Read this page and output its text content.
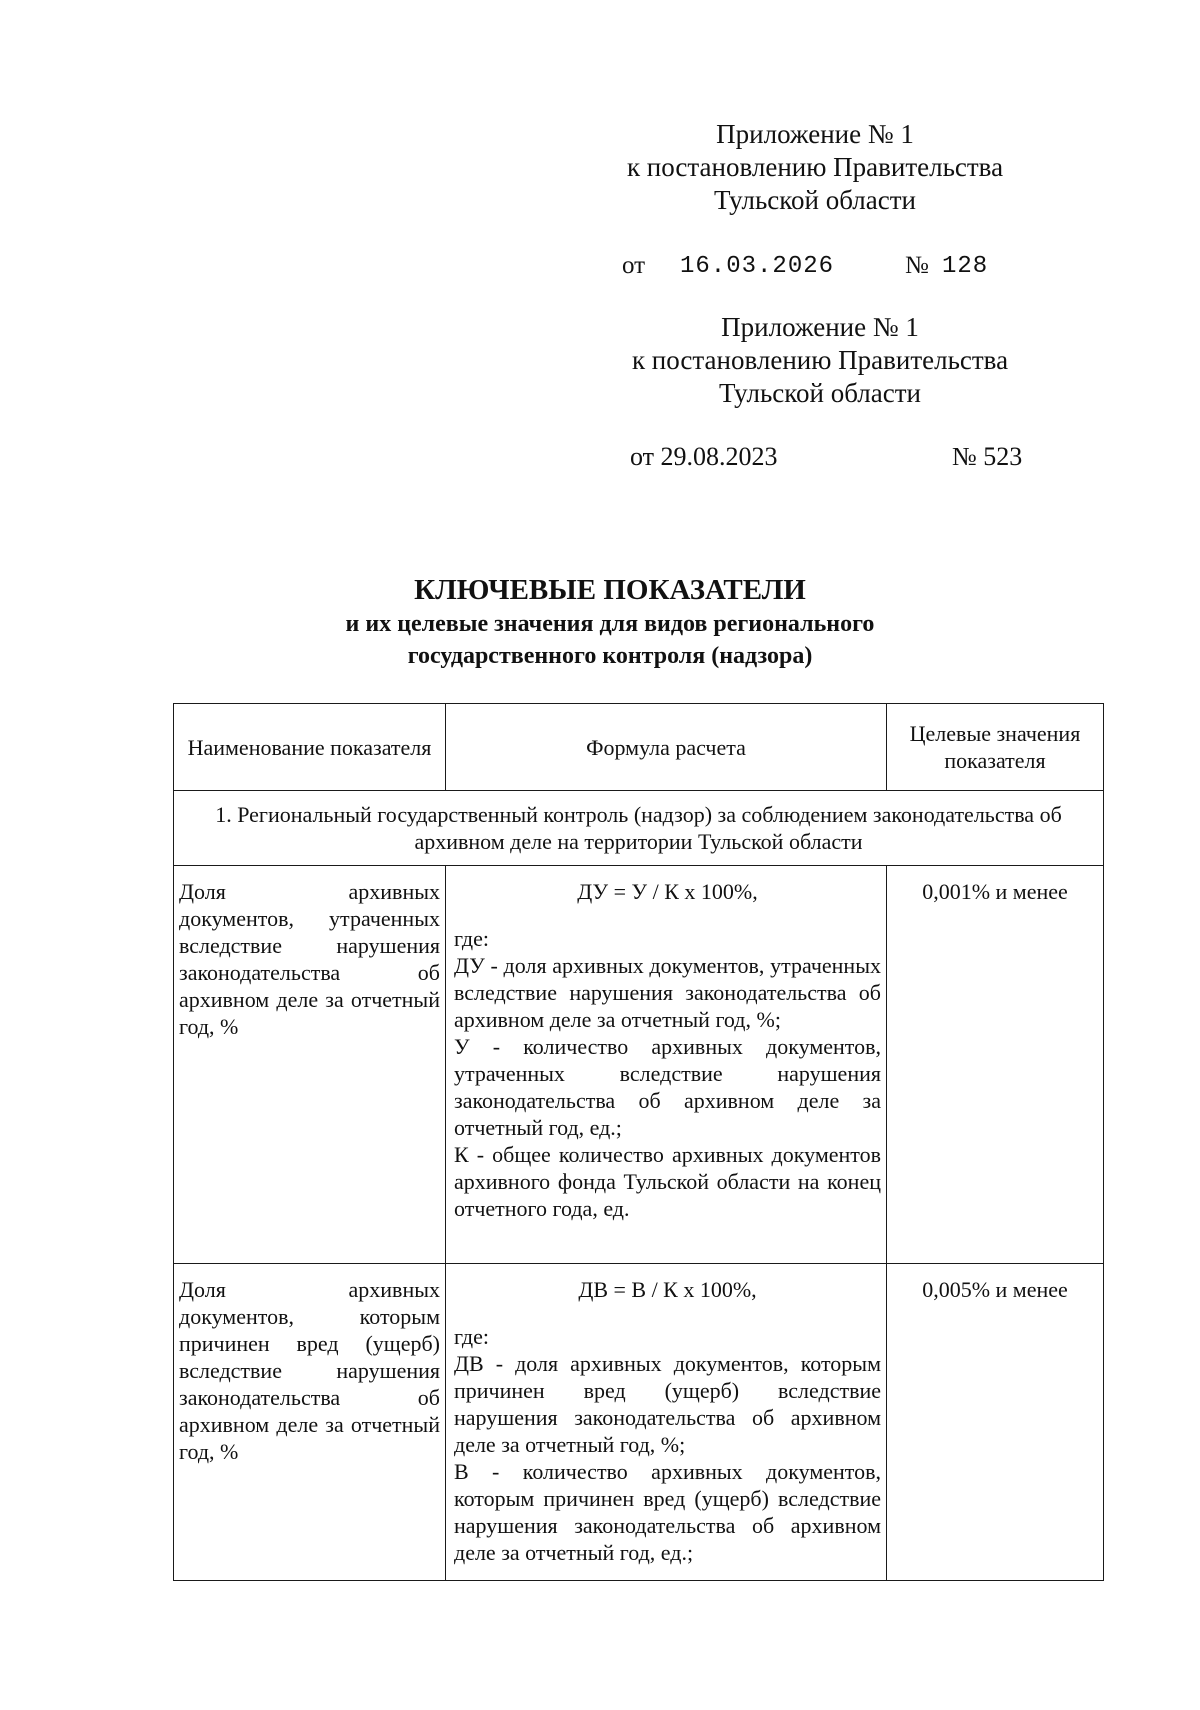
Приложение № 1
к постановлению Правительства
Тульской области
от 16.03.2026	№ 128
Приложение № 1
к постановлению Правительства
Тульской области
от 29.08.2023	№ 523
КЛЮЧЕВЫЕ ПОКАЗАТЕЛИ
и их целевые значения для видов регионального
государственного контроля (надзора)
Наименование показателя	Формула расчета	Целевые значения показателя
1. Региональный государственный контроль (надзор) за соблюдением законодательства об архивном деле на территории Тульской области		
Доля архивных документов, утраченных вследствие нарушения законодательства об архивном деле за отчетный год, %	ДУ = У / К x 100%,
где:
ДУ - доля архивных документов, утраченных вследствие нарушения законодательства об архивном деле за отчетный год, %;
У - количество архивных документов, утраченных вследствие нарушения законодательства об архивном деле за отчетный год, ед.;
К - общее количество архивных документов архивного фонда Тульской области на конец отчетного года, ед.	0,001% и менее
Доля архивных документов, которым причинен вред (ущерб) вследствие нарушения законодательства об архивном деле за отчетный год, %	ДВ = В / К x 100%,
где:
ДВ - доля архивных документов, которым причинен вред (ущерб) вследствие нарушения законодательства об архивном деле за отчетный год, %;
В - количество архивных документов, которым причинен вред (ущерб) вследствие нарушения законодательства об архивном деле за отчетный год, ед.;	0,005% и менее
